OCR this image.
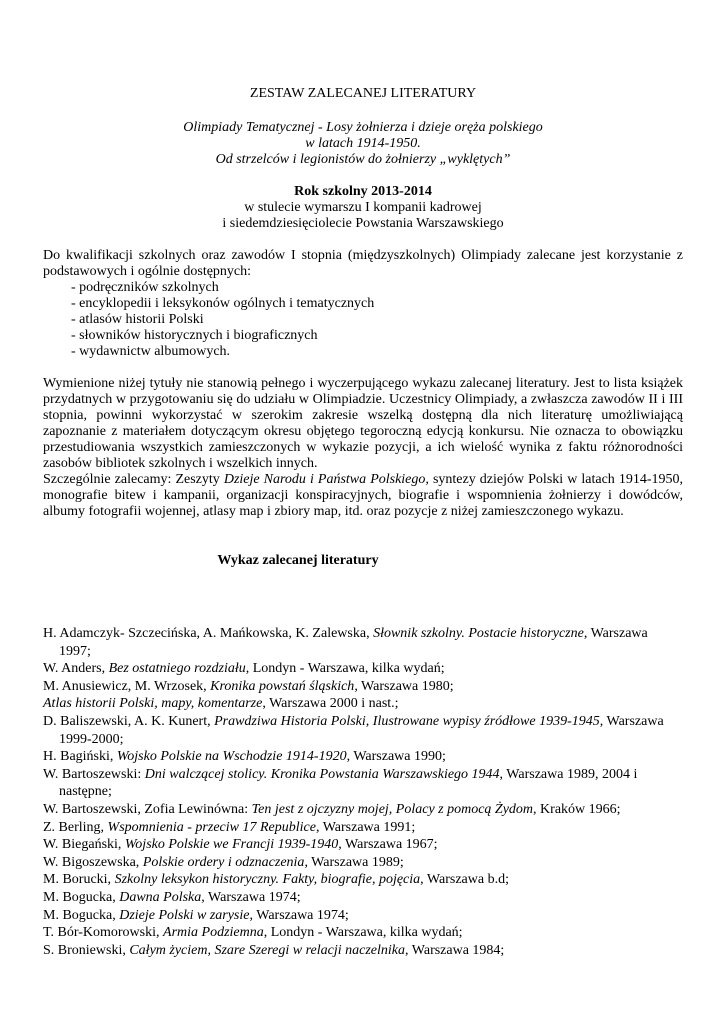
ZESTAW ZALECANEJ LITERATURY
Olimpiady Tematycznej - Losy żołnierza i dzieje oręża polskiego
w latach 1914-1950.
Od strzelców i legionistów do żołnierzy „wyklętych”
Rok szkolny 2013-2014
w stulecie wymarszu I kompanii kadrowej
i siedemdziesięciolecie Powstania Warszawskiego

Do kwalifikacji szkolnych oraz zawodów I stopnia (międzyszkolnych) Olimpiady zalecane jest korzystanie z podstawowych i ogólnie dostępnych:

- podręczników szkolnych
- encyklopedii i leksykonów ogólnych i tematycznych
- atlasów historii Polski
- słowników historycznych i biograficznych
- wydawnictw albumowych.

Wymienione niżej tytuły nie stanowią pełnego i wyczerpującego wykazu zalecanej literatury. Jest to lista książek przydatnych w przygotowaniu się do udziału w Olimpiadzie. Uczestnicy Olimpiady, a zwłaszcza zawodów II i III stopnia, powinni wykorzystać w szerokim zakresie wszelką dostępną dla nich literaturę umożliwiającą zapoznanie z materiałem dotyczącym okresu objętego tegoroczną edycją konkursu. Nie oznacza to obowiązku przestudiowania wszystkich zamieszczonych w wykazie pozycji, a ich wielość wynika z faktu różnorodności zasobów bibliotek szkolnych i wszelkich innych.

Szczególnie zalecamy: Zeszyty Dzieje Narodu i Państwa Polskiego, syntezy dziejów Polski w latach 1914-1950, monografie bitew i kampanii, organizacji konspiracyjnych, biografie i wspomnienia żołnierzy i dowódców, albumy fotografii wojennej, atlasy map i zbiory map, itd. oraz pozycje z niżej zamieszczonego wykazu.

Wykaz zalecanej literatury
H. Adamczyk- Szczecińska, A. Mańkowska, K. Zalewska, Słownik szkolny. Postacie historyczne, Warszawa 1997;
W. Anders, Bez ostatniego rozdziału, Londyn - Warszawa, kilka wydań;
M. Anusiewicz, M. Wrzosek, Kronika powstań śląskich, Warszawa 1980;
Atlas historii Polski, mapy, komentarze, Warszawa 2000 i nast.;
D. Baliszewski, A. K. Kunert, Prawdziwa Historia Polski, Ilustrowane wypisy źródłowe 1939-1945, Warszawa 1999-2000;
H. Bagiński, Wojsko Polskie na Wschodzie 1914-1920, Warszawa 1990;
W. Bartoszewski: Dni walczącej stolicy. Kronika Powstania Warszawskiego 1944, Warszawa 1989, 2004 i następne;
W. Bartoszewski, Zofia Lewinówna: Ten jest z ojczyzny mojej, Polacy z pomocą Żydom, Kraków 1966;
Z. Berling, Wspomnienia - przeciw 17 Republice, Warszawa 1991;
W. Biegański, Wojsko Polskie we Francji 1939-1940, Warszawa 1967;
W. Bigoszewska, Polskie ordery i odznaczenia, Warszawa 1989;
M. Borucki, Szkolny leksykon historyczny. Fakty, biografie, pojęcia, Warszawa b.d;
M. Bogucka, Dawna Polska, Warszawa 1974;
M. Bogucka, Dzieje Polski w zarysie, Warszawa 1974;
T. Bór-Komorowski, Armia Podziemna, Londyn - Warszawa, kilka wydań;
S. Broniewski, Całym życiem, Szare Szeregi w relacji naczelnika, Warszawa 1984;
